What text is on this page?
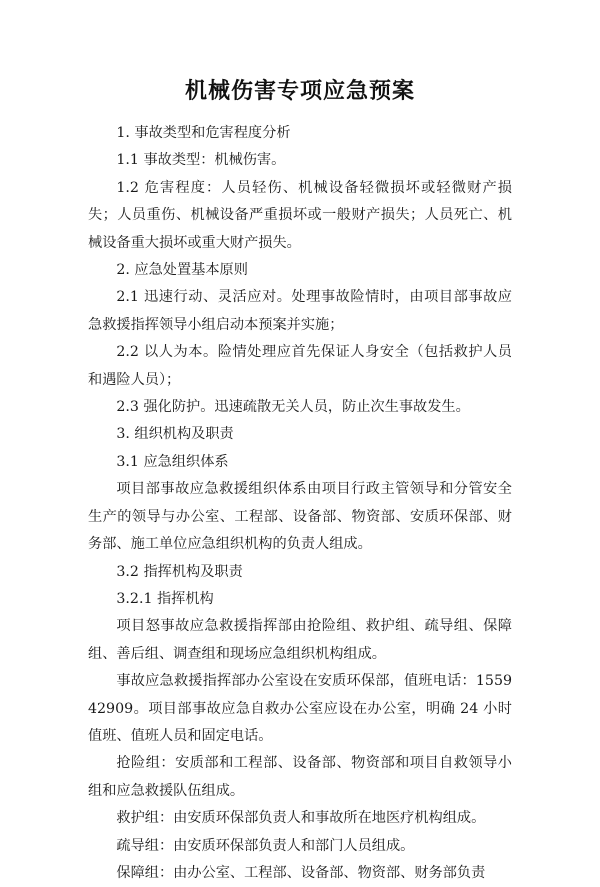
机械伤害专项应急预案

1. 事故类型和危害程度分析

1.1 事故类型：机械伤害。

1.2 危害程度：人员轻伤、机械设备轻微损坏或轻微财产损失；人员重伤、机械设备严重损坏或一般财产损失；人员死亡、机械设备重大损坏或重大财产损失。

2. 应急处置基本原则

2.1 迅速行动、灵活应对。处理事故险情时，由项目部事故应急救援指挥领导小组启动本预案并实施；

2.2 以人为本。险情处理应首先保证人身安全（包括救护人员和遇险人员）；

2.3 强化防护。迅速疏散无关人员，防止次生事故发生。

3. 组织机构及职责

3.1 应急组织体系

项目部事故应急救援组织体系由项目行政主管领导和分管安全生产的领导与办公室、工程部、设备部、物资部、安质环保部、财务部、施工单位应急组织机构的负责人组成。

3.2 指挥机构及职责

3.2.1 指挥机构

项目怒事故应急救援指挥部由抢险组、救护组、疏导组、保障组、善后组、调查组和现场应急组织机构组成。

事故应急救援指挥部办公室设在安质环保部，值班电话：155942909。项目部事故应急自救办公室应设在办公室，明确 24 小时值班、值班人员和固定电话。

抢险组：安质部和工程部、设备部、物资部和项目自救领导小组和应急救援队伍组成。

救护组：由安质环保部负责人和事故所在地医疗机构组成。

疏导组：由安质环保部负责人和部门人员组成。

保障组：由办公室、工程部、设备部、物资部、财务部负责
